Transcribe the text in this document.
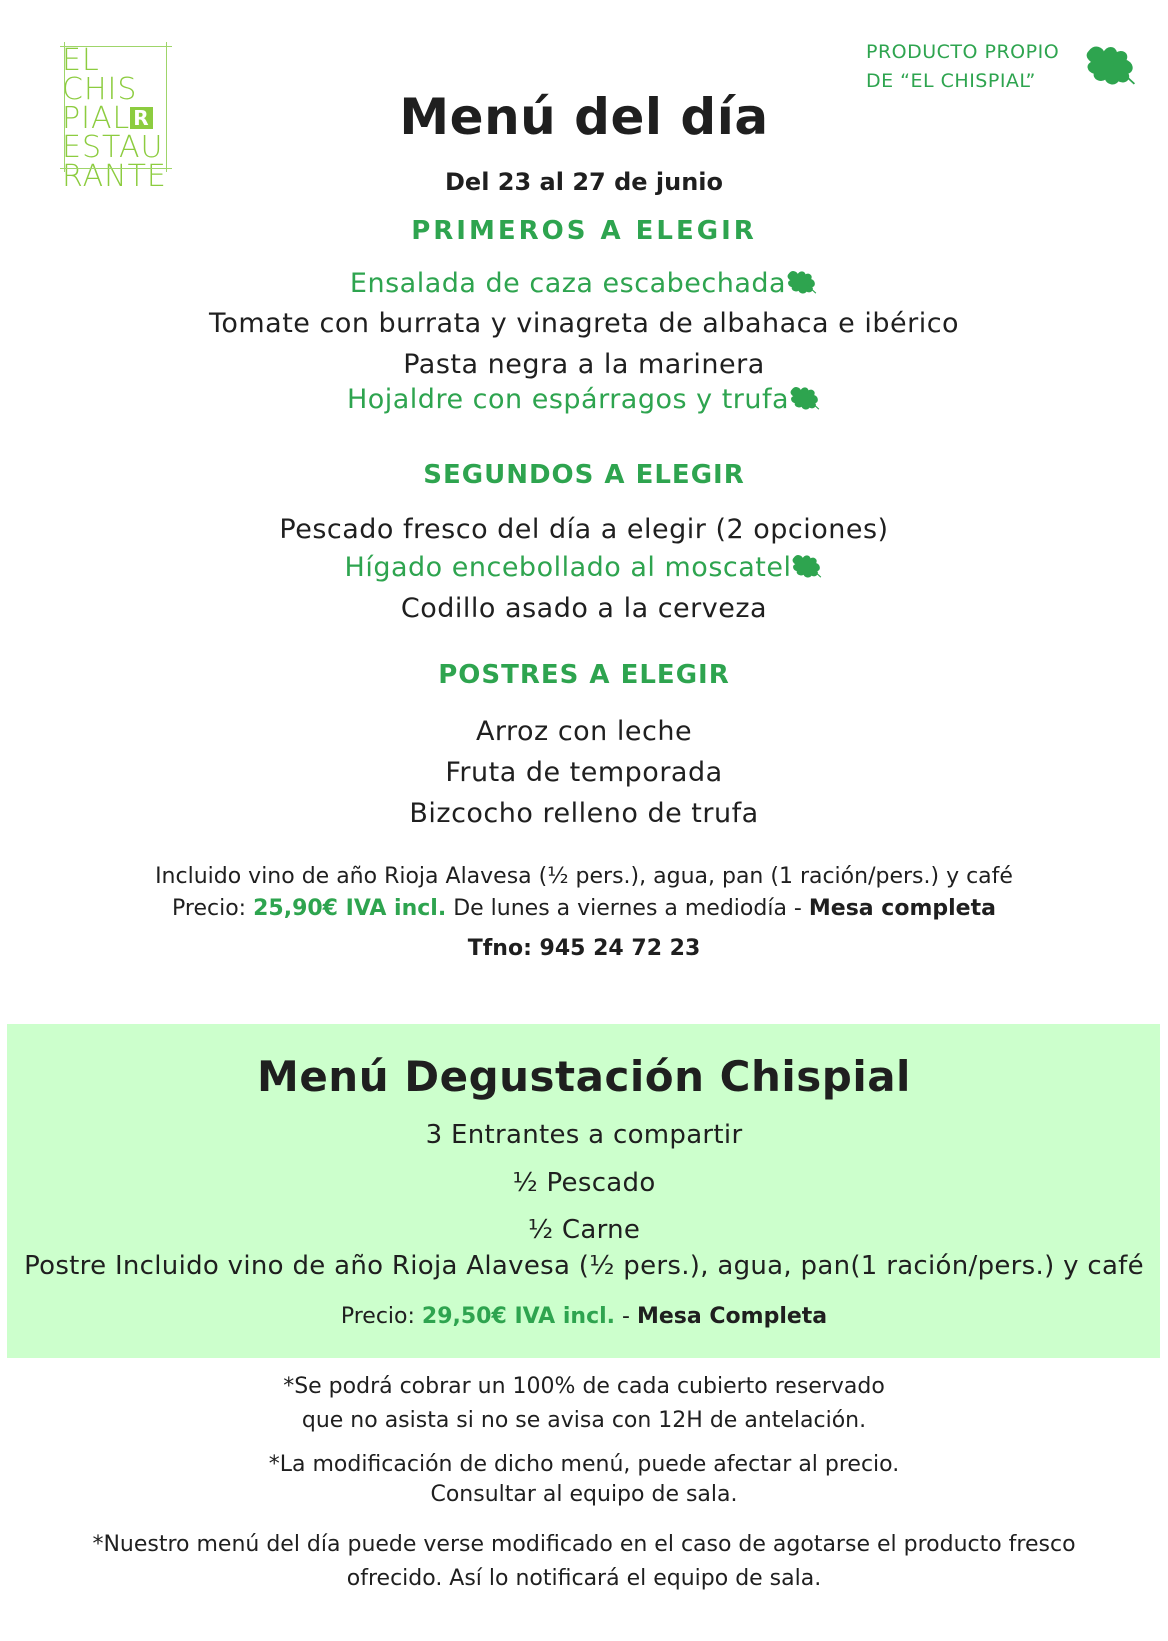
EL CHIS
PIAL R
ESTAU
RANTE
PRODUCTO PROPIO
DE “EL CHISPIAL”
Menú del día
Del 23 al 27 de junio
PRIMEROS A ELEGIR
Ensalada de caza escabechada
Tomate con burrata y vinagreta de albahaca e ibérico
Pasta negra a la marinera
Hojaldre con espárragos y trufa
SEGUNDOS A ELEGIR
Pescado fresco del día a elegir (2 opciones)
Hígado encebollado al moscatel
Codillo asado a la cerveza
POSTRES A ELEGIR
Arroz con leche
Fruta de temporada
Bizcocho relleno de trufa
Incluido vino de año Rioja Alavesa (½ pers.), agua, pan (1 ración/pers.) y café
Precio: 25,90€ IVA incl. De lunes a viernes a mediodía - Mesa completa
Tfno: 945 24 72 23
Menú Degustación Chispial
3 Entrantes a compartir
½ Pescado
½ Carne
Postre Incluido vino de año Rioja Alavesa (½ pers.), agua, pan(1 ración/pers.) y café
Precio: 29,50€ IVA incl. - Mesa Completa
*Se podrá cobrar un 100% de cada cubierto reservado
que no asista si no se avisa con 12H de antelación.
*La modificación de dicho menú, puede afectar al precio.
Consultar al equipo de sala.
*Nuestro menú del día puede verse modificado en el caso de agotarse el producto fresco
ofrecido. Así lo notificará el equipo de sala.
